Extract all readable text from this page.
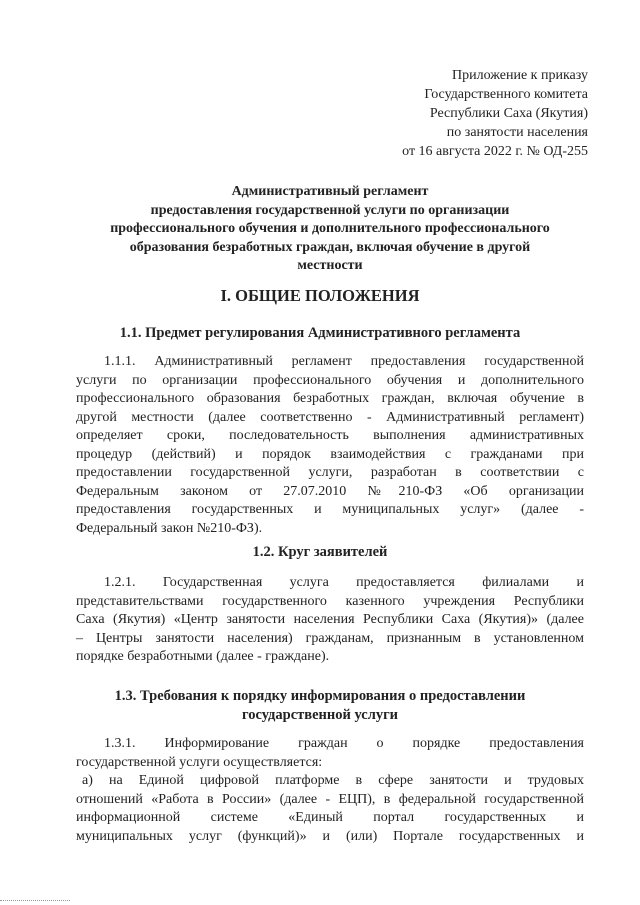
Приложение к приказу
Государственного комитета
Республики Саха (Якутия)
по занятости населения
от 16 августа 2022 г. № ОД-255
Административный регламент
предоставления государственной услуги по организации
профессионального обучения и дополнительного профессионального
образования безработных граждан, включая обучение в другой
местности
I. ОБЩИЕ ПОЛОЖЕНИЯ
1.1. Предмет регулирования Административного регламента
1.1.1. Административный регламент предоставления государственной
услуги по организации профессионального обучения и дополнительного
профессионального образования безработных граждан, включая обучение в
другой местности (далее соответственно - Административный регламент)
определяет сроки, последовательность выполнения административных
процедур (действий) и порядок взаимодействия с гражданами при
предоставлении государственной услуги, разработан в соответствии с
Федеральным законом от 27.07.2010 №210-ФЗ «Об организации
предоставления государственных и муниципальных услуг» (далее -
Федеральный закон №210-ФЗ).
1.2. Круг заявителей
1.2.1. Государственная услуга предоставляется филиалами и
представительствами государственного казенного учреждения Республики
Саха (Якутия) «Центр занятости населения Республики Саха (Якутия)» (далее
– Центры занятости населения) гражданам, признанным в установленном
порядке безработными (далее - граждане).
1.3. Требования к порядку информирования о предоставлении
государственной услуги
1.3.1. Информирование граждан о порядке предоставления
государственной услуги осуществляется:
а) на Единой цифровой платформе в сфере занятости и трудовых
отношений «Работа в России» (далее - ЕЦП), в федеральной государственной
информационной системе «Единый портал государственных и
муниципальных услуг (функций)» и (или) Портале государственных и
